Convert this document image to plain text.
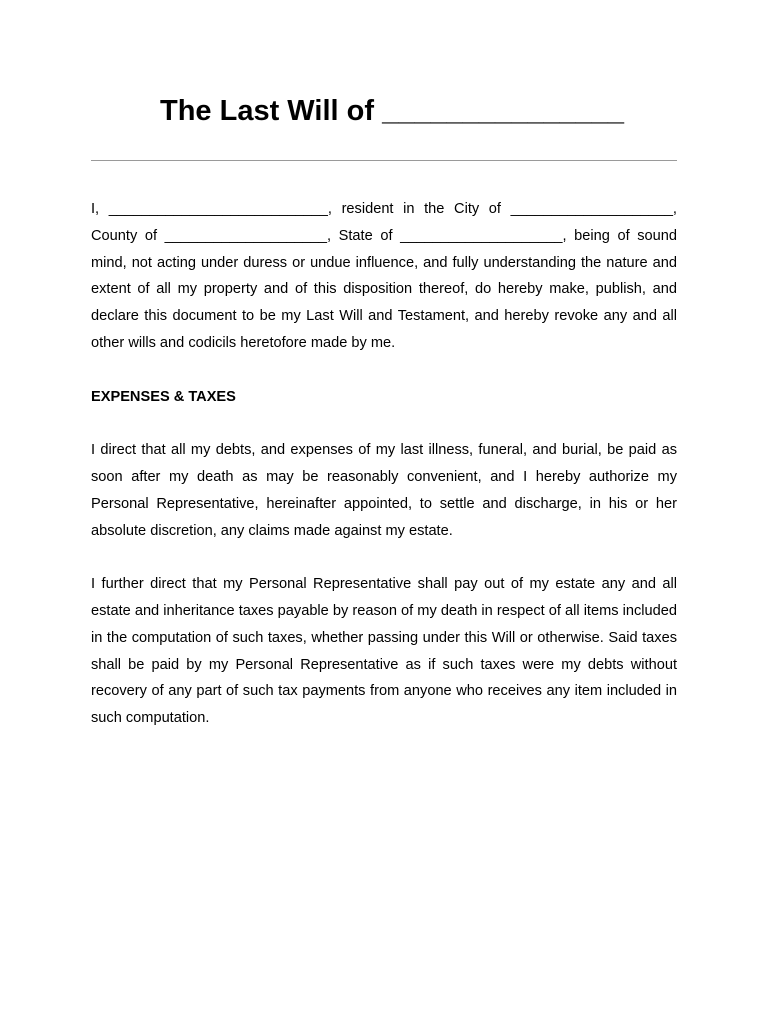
The Last Will of _______________

I, ___________________________, resident in the City of ____________________, County of ____________________, State of ____________________, being of sound mind, not acting under duress or undue influence, and fully understanding the nature and extent of all my property and of this disposition thereof, do hereby make, publish, and declare this document to be my Last Will and Testament, and hereby revoke any and all other wills and codicils heretofore made by me.

EXPENSES & TAXES

I direct that all my debts, and expenses of my last illness, funeral, and burial, be paid as soon after my death as may be reasonably convenient, and I hereby authorize my Personal Representative, hereinafter appointed, to settle and discharge, in his or her absolute discretion, any claims made against my estate.

I further direct that my Personal Representative shall pay out of my estate any and all estate and inheritance taxes payable by reason of my death in respect of all items included in the computation of such taxes, whether passing under this Will or otherwise. Said taxes shall be paid by my Personal Representative as if such taxes were my debts without recovery of any part of such tax payments from anyone who receives any item included in such computation.
